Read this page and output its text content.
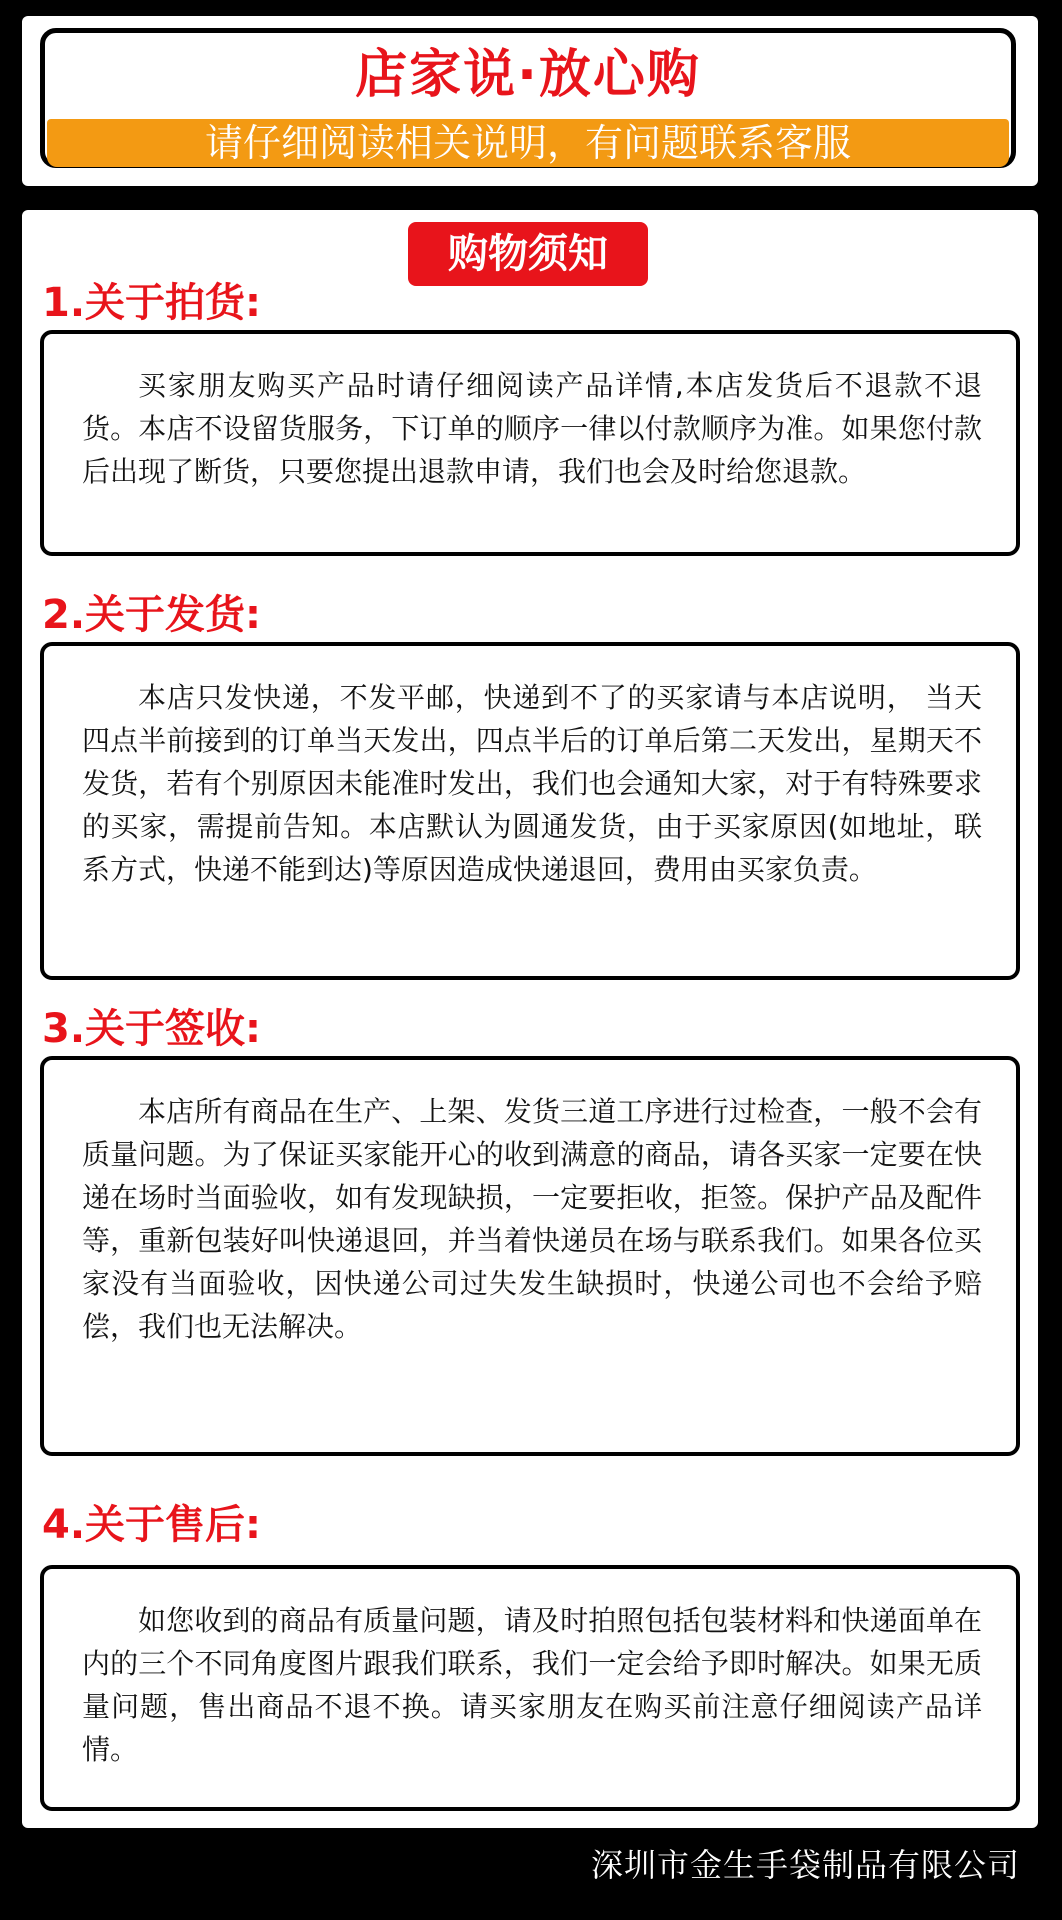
店家说·放心购
请仔细阅读相关说明，有问题联系客服
购物须知
1.关于拍货:
买家朋友购买产品时请仔细阅读产品详情,本店发货后不退款不退货。本店不设留货服务，下订单的顺序一律以付款顺序为准。如果您付款后出现了断货，只要您提出退款申请，我们也会及时给您退款。
2.关于发货:
本店只发快递，不发平邮，快递到不了的买家请与本店说明， 当天四点半前接到的订单当天发出，四点半后的订单后第二天发出，星期天不发货，若有个别原因未能准时发出，我们也会通知大家，对于有特殊要求的买家，需提前告知。本店默认为圆通发货，由于买家原因(如地址，联系方式，快递不能到达)等原因造成快递退回，费用由买家负责。
3.关于签收:
本店所有商品在生产、上架、发货三道工序进行过检查，一般不会有质量问题。为了保证买家能开心的收到满意的商品，请各买家一定要在快递在场时当面验收，如有发现缺损，一定要拒收，拒签。保护产品及配件等，重新包装好叫快递退回，并当着快递员在场与联系我们。如果各位买家没有当面验收，因快递公司过失发生缺损时，快递公司也不会给予赔偿，我们也无法解决。
4.关于售后:
如您收到的商品有质量问题，请及时拍照包括包装材料和快递面单在内的三个不同角度图片跟我们联系，我们一定会给予即时解决。如果无质量问题，售出商品不退不换。请买家朋友在购买前注意仔细阅读产品详情。
深圳市金生手袋制品有限公司
